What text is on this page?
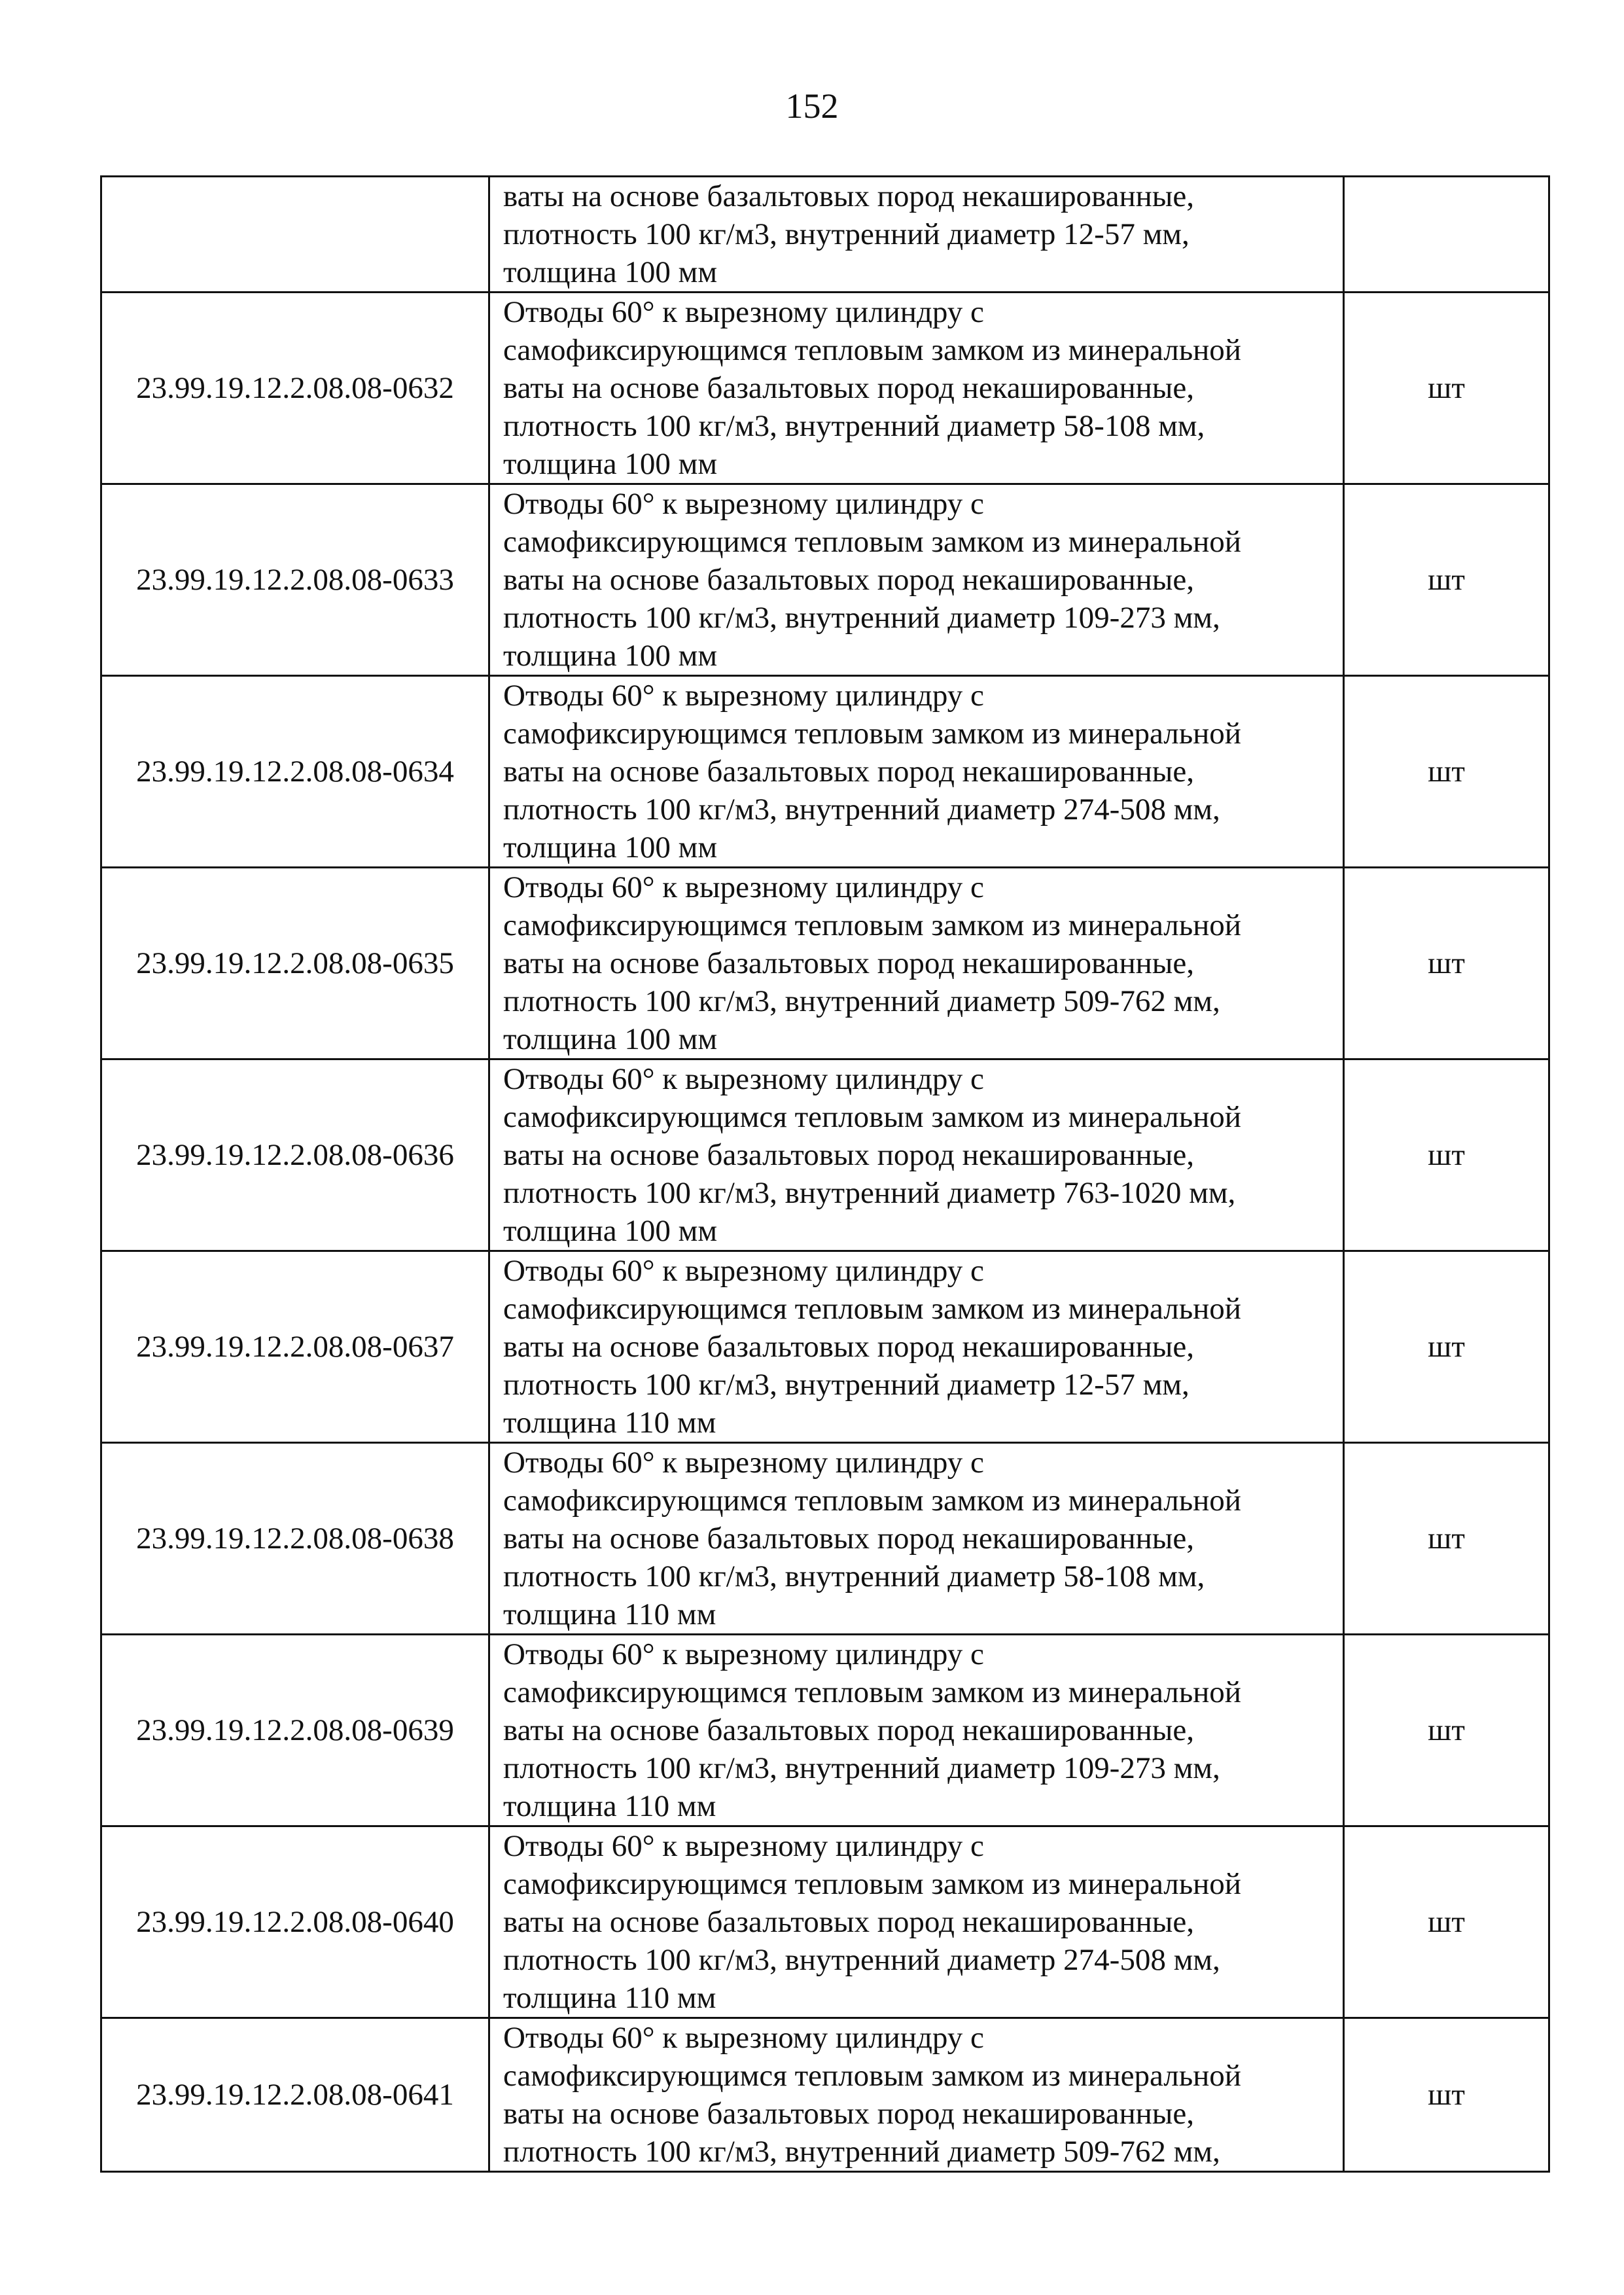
152

	ваты на основе базальтовых пород некашированные,
плотность 100 кг/м3, внутренний диаметр 12-57 мм,
толщина 100 мм	

23.99.19.12.2.08.08-0632	Отводы 60° к вырезному цилиндру с
самофиксирующимся тепловым замком из минеральной
ваты на основе базальтовых пород некашированные,
плотность 100 кг/м3, внутренний диаметр 58-108 мм,
толщина 100 мм	шт
23.99.19.12.2.08.08-0633	Отводы 60° к вырезному цилиндру с
самофиксирующимся тепловым замком из минеральной
ваты на основе базальтовых пород некашированные,
плотность 100 кг/м3, внутренний диаметр 109-273 мм,
толщина 100 мм	шт
23.99.19.12.2.08.08-0634	Отводы 60° к вырезному цилиндру с
самофиксирующимся тепловым замком из минеральной
ваты на основе базальтовых пород некашированные,
плотность 100 кг/м3, внутренний диаметр 274-508 мм,
толщина 100 мм	шт
23.99.19.12.2.08.08-0635	Отводы 60° к вырезному цилиндру с
самофиксирующимся тепловым замком из минеральной
ваты на основе базальтовых пород некашированные,
плотность 100 кг/м3, внутренний диаметр 509-762 мм,
толщина 100 мм	шт
23.99.19.12.2.08.08-0636	Отводы 60° к вырезному цилиндру с
самофиксирующимся тепловым замком из минеральной
ваты на основе базальтовых пород некашированные,
плотность 100 кг/м3, внутренний диаметр 763-1020 мм,
толщина 100 мм	шт
23.99.19.12.2.08.08-0637	Отводы 60° к вырезному цилиндру с
самофиксирующимся тепловым замком из минеральной
ваты на основе базальтовых пород некашированные,
плотность 100 кг/м3, внутренний диаметр 12-57 мм,
толщина 110 мм	шт
23.99.19.12.2.08.08-0638	Отводы 60° к вырезному цилиндру с
самофиксирующимся тепловым замком из минеральной
ваты на основе базальтовых пород некашированные,
плотность 100 кг/м3, внутренний диаметр 58-108 мм,
толщина 110 мм	шт
23.99.19.12.2.08.08-0639	Отводы 60° к вырезному цилиндру с
самофиксирующимся тепловым замком из минеральной
ваты на основе базальтовых пород некашированные,
плотность 100 кг/м3, внутренний диаметр 109-273 мм,
толщина 110 мм	шт
23.99.19.12.2.08.08-0640	Отводы 60° к вырезному цилиндру с
самофиксирующимся тепловым замком из минеральной
ваты на основе базальтовых пород некашированные,
плотность 100 кг/м3, внутренний диаметр 274-508 мм,
толщина 110 мм	шт
23.99.19.12.2.08.08-0641	Отводы 60° к вырезному цилиндру с
самофиксирующимся тепловым замком из минеральной
ваты на основе базальтовых пород некашированные,
плотность 100 кг/м3, внутренний диаметр 509-762 мм,	шт
